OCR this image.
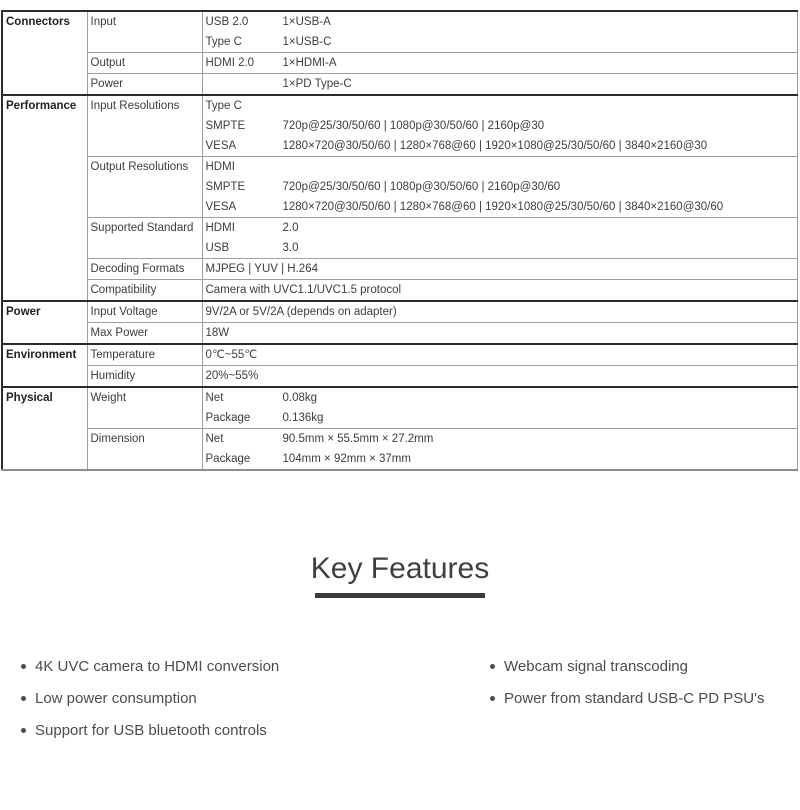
Connectors	Input	USB 2.0 1×USB-A
Type C 1×USB-C

	Output	HDMI 2.0 1×HDMI-A

	Power	1×PD Type-C

Performance	Input Resolutions	Type C
SMPTE 720p@25/30/50/60 | 1080p@30/50/60 | 2160p@30
VESA 1280×720@30/50/60 | 1280×768@60 | 1920×1080@25/30/50/60 | 3840×2160@30

	Output Resolutions	HDMI
SMPTE 720p@25/30/50/60 | 1080p@30/50/60 | 2160p@30/60
VESA 1280×720@30/50/60 | 1280×768@60 | 1920×1080@25/30/50/60 | 3840×2160@30/60

	Supported Standard	HDMI 2.0
USB 3.0

	Decoding Formats	MJPEG | YUV | H.264

	Compatibility	Camera with UVC1.1/UVC1.5 protocol

Power	Input Voltage	9V/2A or 5V/2A (depends on adapter)

	Max Power	18W

Environment	Temperature	0℃~55℃

	Humidity	20%~55%

Physical	Weight	Net 0.08kg
Package 0.136kg

	Dimension	Net 90.5mm × 55.5mm × 27.2mm
Package 104mm × 92mm × 37mm
Key Features
4K UVC camera to HDMI conversion
Low power consumption
Support for USB bluetooth controls
Webcam signal transcoding
Power from standard USB-C PD PSU's
